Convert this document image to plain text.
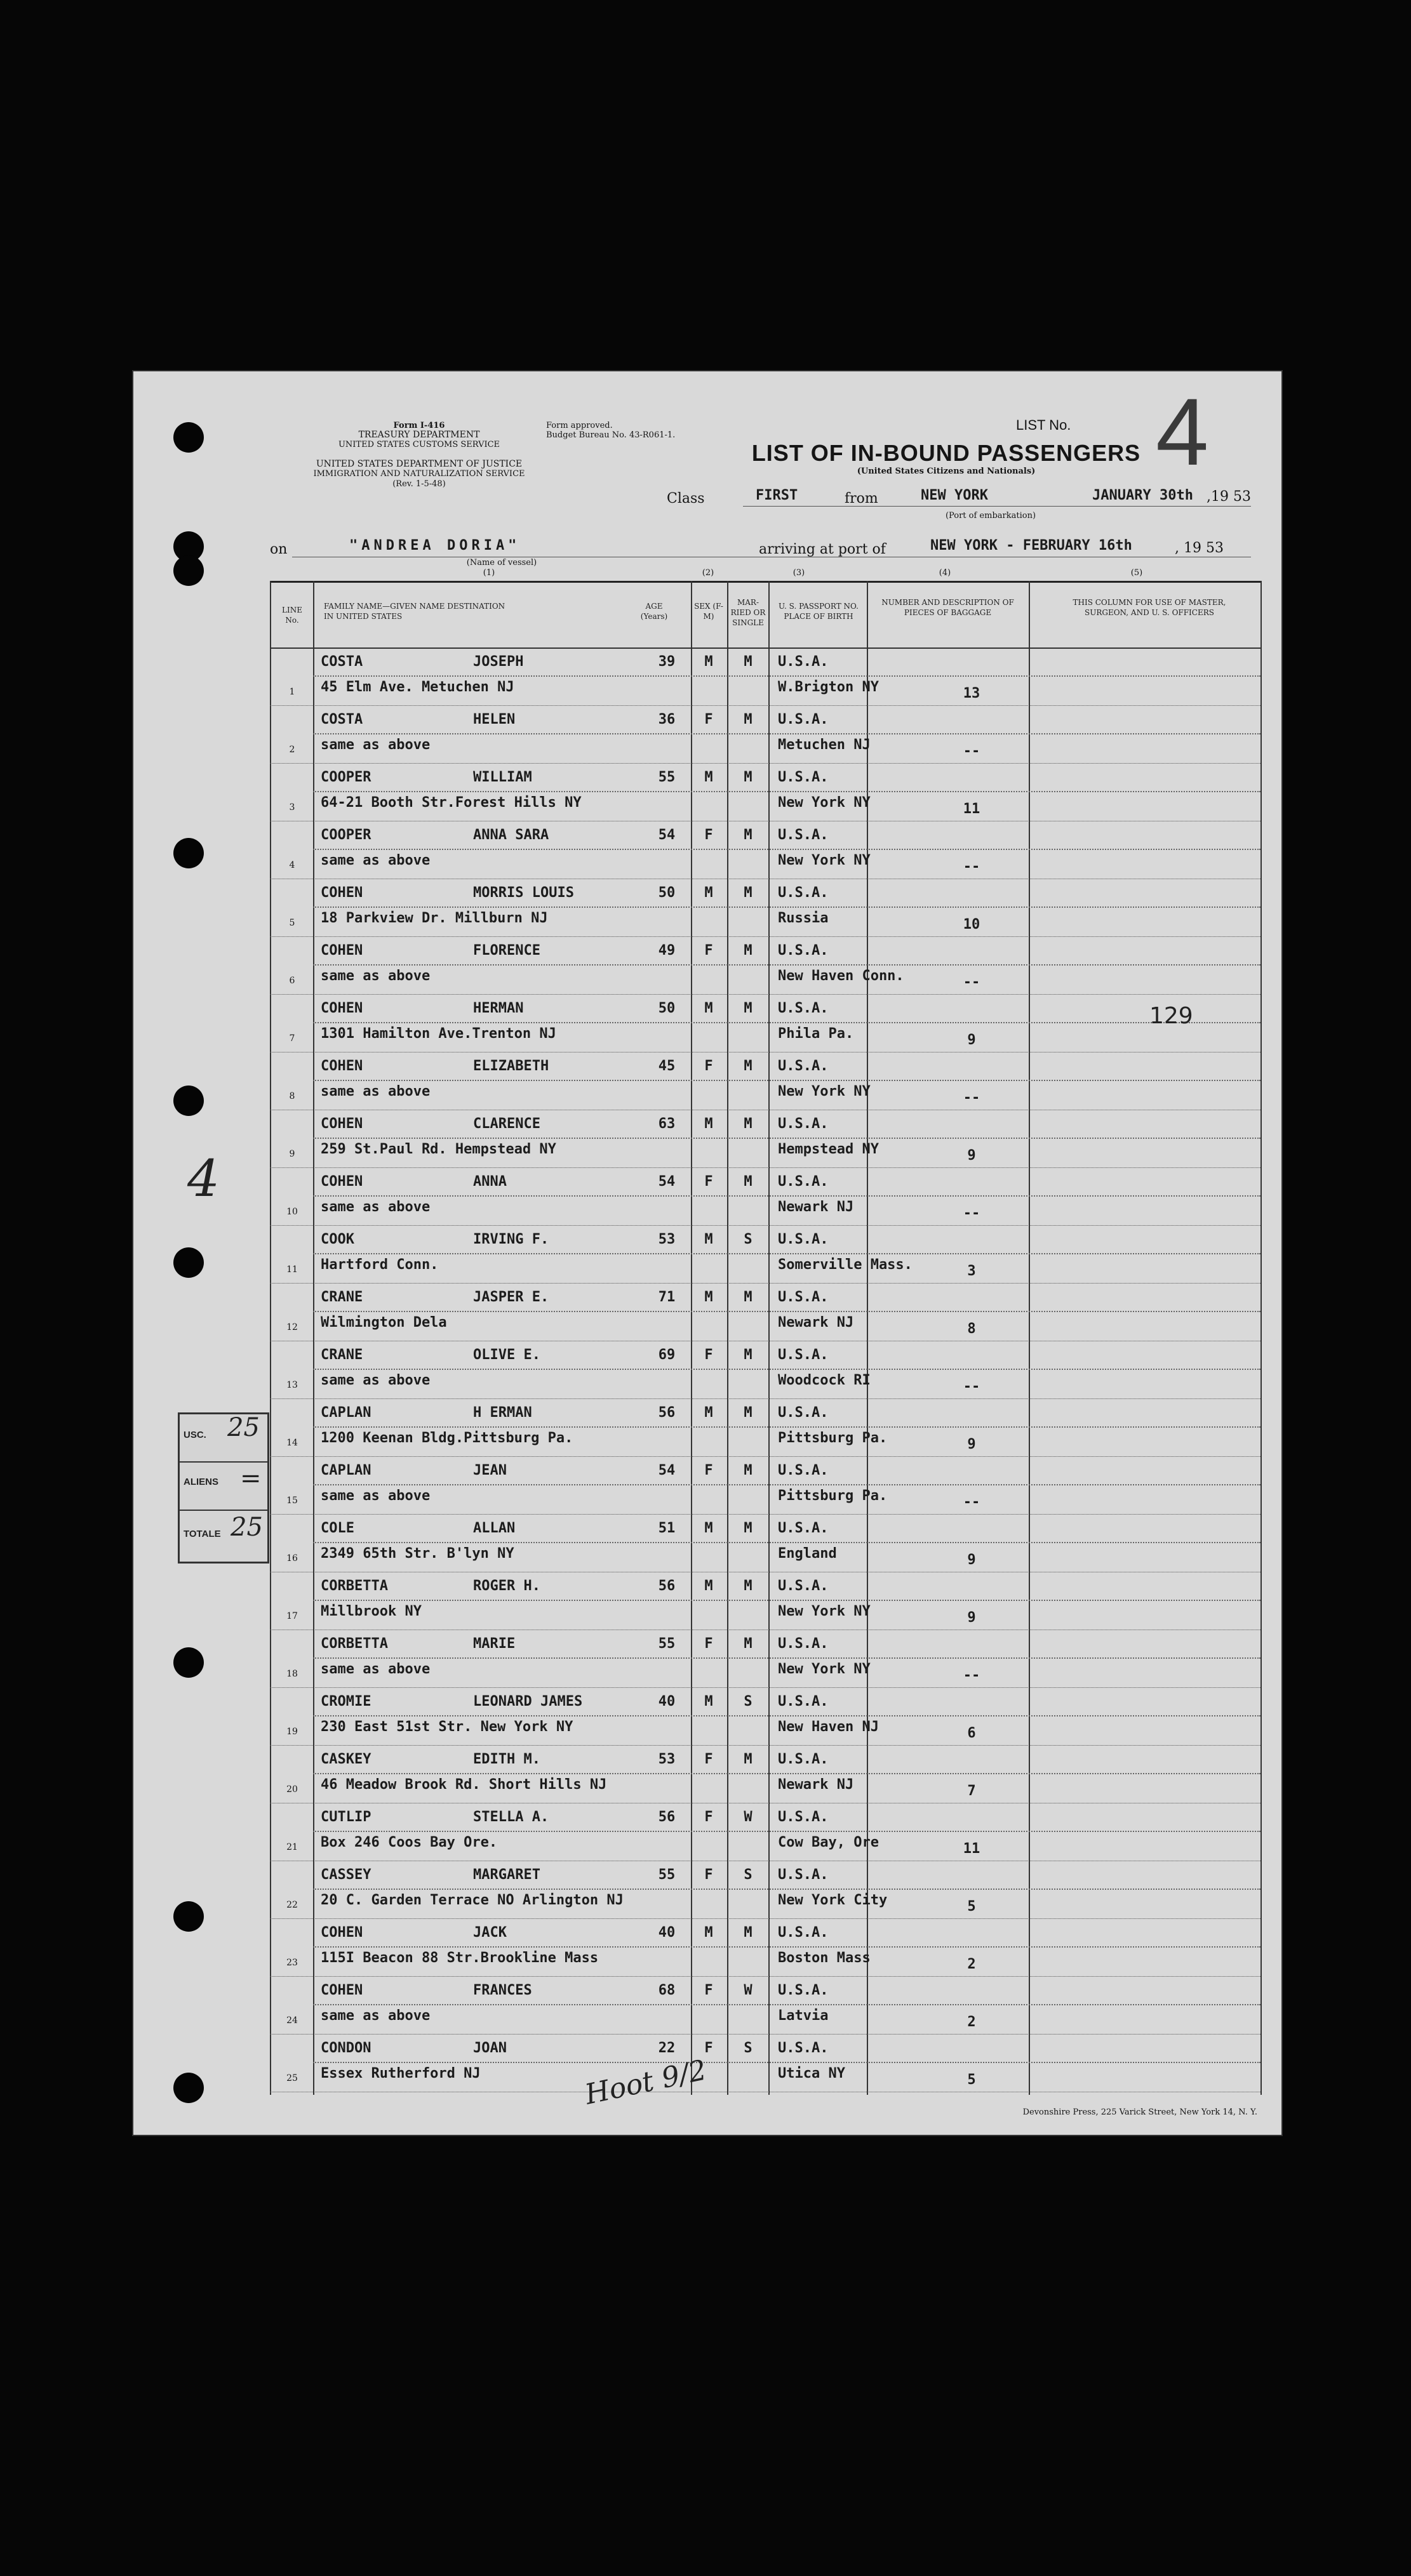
Form I-416
TREASURY DEPARTMENT
UNITED STATES CUSTOMS SERVICE
UNITED STATES DEPARTMENT OF JUSTICE
IMMIGRATION AND NATURALIZATION SERVICE
(Rev. 1-5-48)
Form approved.
Budget Bureau No. 43-R061-1.
LIST No. 4
LIST OF IN-BOUND PASSENGERS
(United States Citizens and Nationals)
Class	FIRST	from	NEW YORK
(Port of embarkation)
JANUARY 30th ,19 53
on	"ANDREA DORIA"
(Name of vessel)
arriving at port of	NEW YORK - FEBRUARY 16th	, 19 53
(1)	(2)	(3)	(4)	(5)
LINE No.
FAMILY NAME—GIVEN NAME DESTINATION IN UNITED STATES
AGE (Years)
SEX (F-M)
MAR-RIED OR SINGLE
U. S. PASSPORT NO. PLACE OF BIRTH
NUMBER AND DESCRIPTION OF PIECES OF BAGGAGE
THIS COLUMN FOR USE OF MASTER, SURGEON, AND U. S. OFFICERS
1
COSTA	JOSEPH
45 Elm Ave. Metuchen NJ
39 M M U.S.A.
W.Brigton NY	13
2
COSTA	HELEN
same as above
36 F M U.S.A.
Metuchen NJ	--
3
COOPER	WILLIAM
64-21 Booth Str.Forest Hills NY
55 M M U.S.A.
New York NY	11
4
COOPER	ANNA SARA
same as above
54 F M U.S.A.
New York NY	--
5
COHEN	MORRIS LOUIS
18 Parkview Dr. Millburn NJ
50 M M U.S.A.
Russia	10
6
COHEN	FLORENCE
same as above
49 F M U.S.A.
New Haven Conn.	--
7
COHEN	HERMAN
1301 Hamilton Ave.Trenton NJ
50 M M U.S.A.
Phila Pa.	9
8
COHEN	ELIZABETH
same as above
45 F M U.S.A.
New York NY	--
9
COHEN	CLARENCE
259 St.Paul Rd. Hempstead NY
63 M M U.S.A.
Hempstead NY	9
10
COHEN	ANNA
same as above
54 F M U.S.A.
Newark NJ	--
11
COOK	IRVING F.
Hartford Conn.
53 M S U.S.A.
Somerville Mass.	3
12
CRANE	JASPER E.
Wilmington Dela
71 M M U.S.A.
Newark NJ	8
13
CRANE	OLIVE E.
same as above
69 F M U.S.A.
Woodcock RI	--
14
CAPLAN	H ERMAN
1200 Keenan Bldg.Pittsburg Pa.
56 M M U.S.A.
Pittsburg Pa.	9
15
CAPLAN	JEAN
same as above
54 F M U.S.A.
Pittsburg Pa.	--
16
COLE	ALLAN
2349 65th Str. B'lyn NY
51 M M U.S.A.
England	9
17
CORBETTA	ROGER H.
Millbrook NY
56 M M U.S.A.
New York NY	9
18
CORBETTA	MARIE
same as above
55 F M U.S.A.
New York NY	--
19
CROMIE	LEONARD JAMES
230 East 51st Str. New York NY
40 M S U.S.A.
New Haven NJ	6
20
CASKEY	EDITH M.
46 Meadow Brook Rd. Short Hills NJ
53 F M U.S.A.
Newark NJ	7
21
CUTLIP	STELLA A.
Box 246 Coos Bay Ore.
56 F W U.S.A.
Cow Bay, Ore	11
22
CASSEY	MARGARET
20 C. Garden Terrace NO Arlington NJ
55 F S U.S.A.
New York City	5
23
COHEN	JACK
115I Beacon 88 Str.Brookline Mass
40 M M U.S.A.
Boston Mass	2
24
COHEN	FRANCES
same as above
68 F W U.S.A.
Latvia	2
25
CONDON	JOAN
Essex Rutherford NJ
22 F S U.S.A.
Utica NY	5
4
129
Hoot 9/2
USC. 25
ALIENS =
TOTALE 25
Devonshire Press, 225 Varick Street, New York 14, N. Y.
